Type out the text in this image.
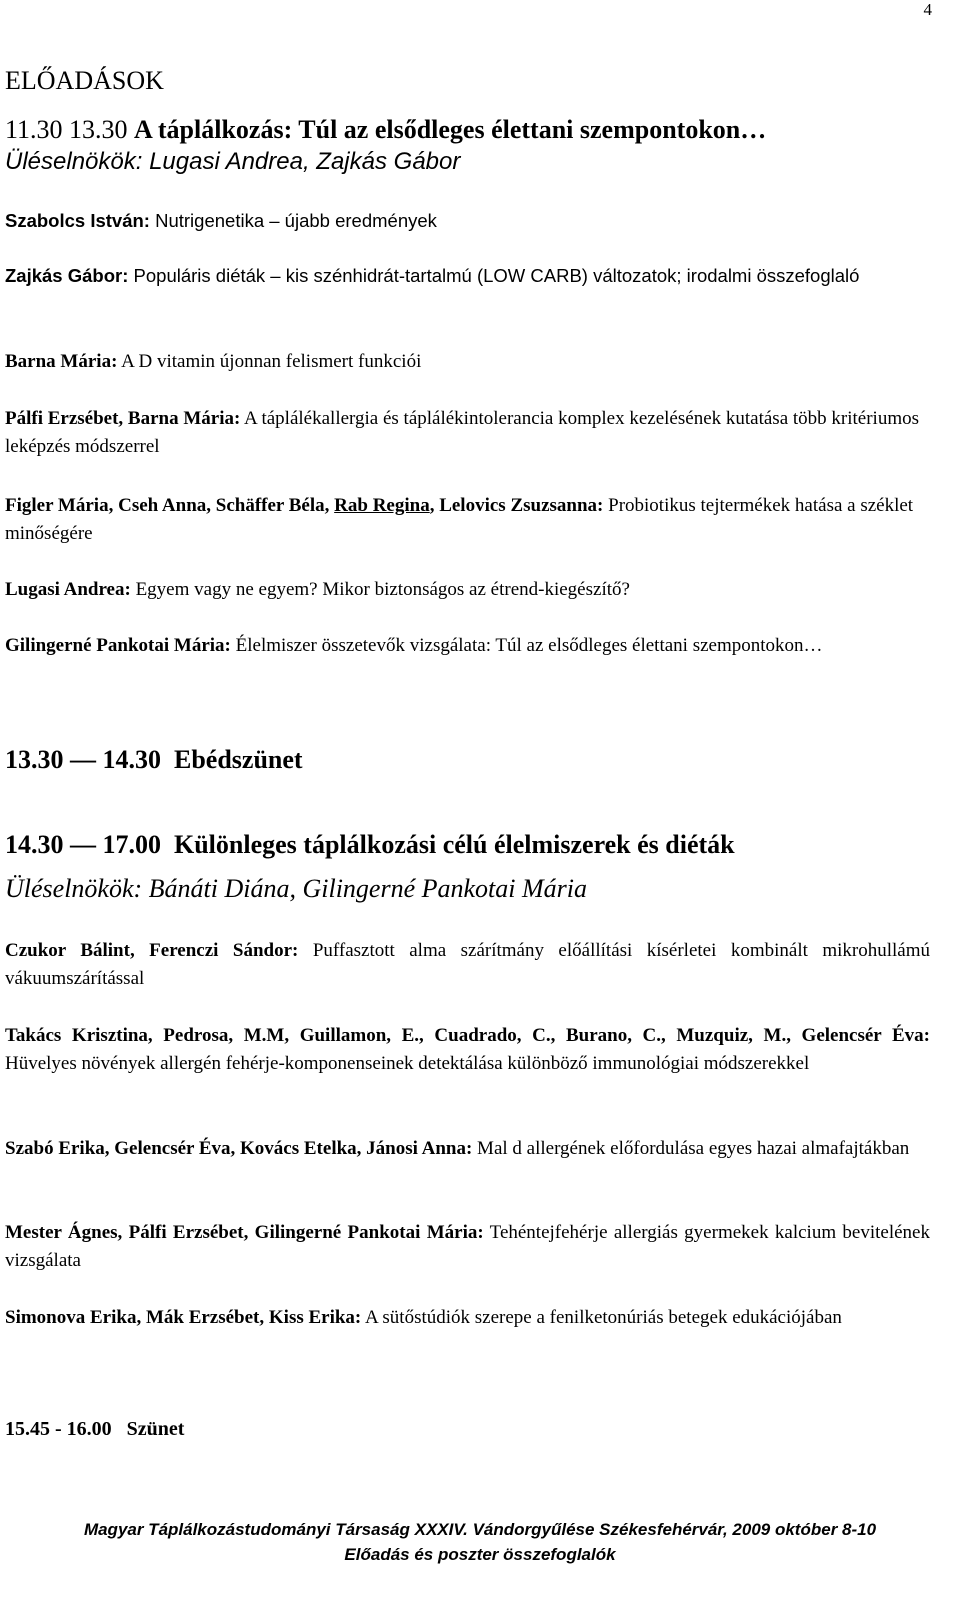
4
ELŐADÁSOK
11.30 13.30 A táplálkozás: Túl az elsődleges élettani szempontokon…
Üléselnökök: Lugasi Andrea, Zajkás Gábor
Szabolcs István: Nutrigenetika – újabb eredmények
Zajkás Gábor: Populáris diéták – kis szénhidrát-tartalmú (LOW CARB) változatok; irodalmi összefoglaló
Barna Mária: A D vitamin újonnan felismert funkciói
Pálfi Erzsébet, Barna Mária: A táplálékallergia és táplálékintolerancia komplex kezelésének kutatása több kritériumos leképzés módszerrel
Figler Mária, Cseh Anna, Schäffer Béla, Rab Regina, Lelovics Zsuzsanna: Probiotikus tejtermékek hatása a széklet minőségére
Lugasi Andrea: Egyem vagy ne egyem? Mikor biztonságos az étrend-kiegészítő?
Gilingerné Pankotai Mária: Élelmiszer összetevők vizsgálata: Túl az elsődleges élettani szempontokon…
13.30 — 14.30 Ebédszünet
14.30 — 17.00 Különleges táplálkozási célú élelmiszerek és diéták
Üléselnökök: Bánáti Diána, Gilingerné Pankotai Mária
Czukor Bálint, Ferenczi Sándor: Puffasztott alma szárítmány előállítási kísérletei kombinált mikrohullámú vákuumszárítással
Takács Krisztina, Pedrosa, M.M, Guillamon, E., Cuadrado, C., Burano, C., Muzquiz, M., Gelencsér Éva: Hüvelyes növények allergén fehérje-komponenseinek detektálása különböző immunológiai módszerekkel
Szabó Erika, Gelencsér Éva, Kovács Etelka, Jánosi Anna: Mal d allergének előfordulása egyes hazai almafajtákban
Mester Ágnes, Pálfi Erzsébet, Gilingerné Pankotai Mária: Tehéntejfehérje allergiás gyermekek kalcium bevitelének vizsgálata
Simonova Erika, Mák Erzsébet, Kiss Erika: A sütőstúdiók szerepe a fenilketonúriás betegek edukációjában
15.45 - 16.00 Szünet
Magyar Táplálkozástudományi Társaság XXXIV. Vándorgyűlése Székesfehérvár, 2009 október 8-10
Előadás és poszter összefoglalók
